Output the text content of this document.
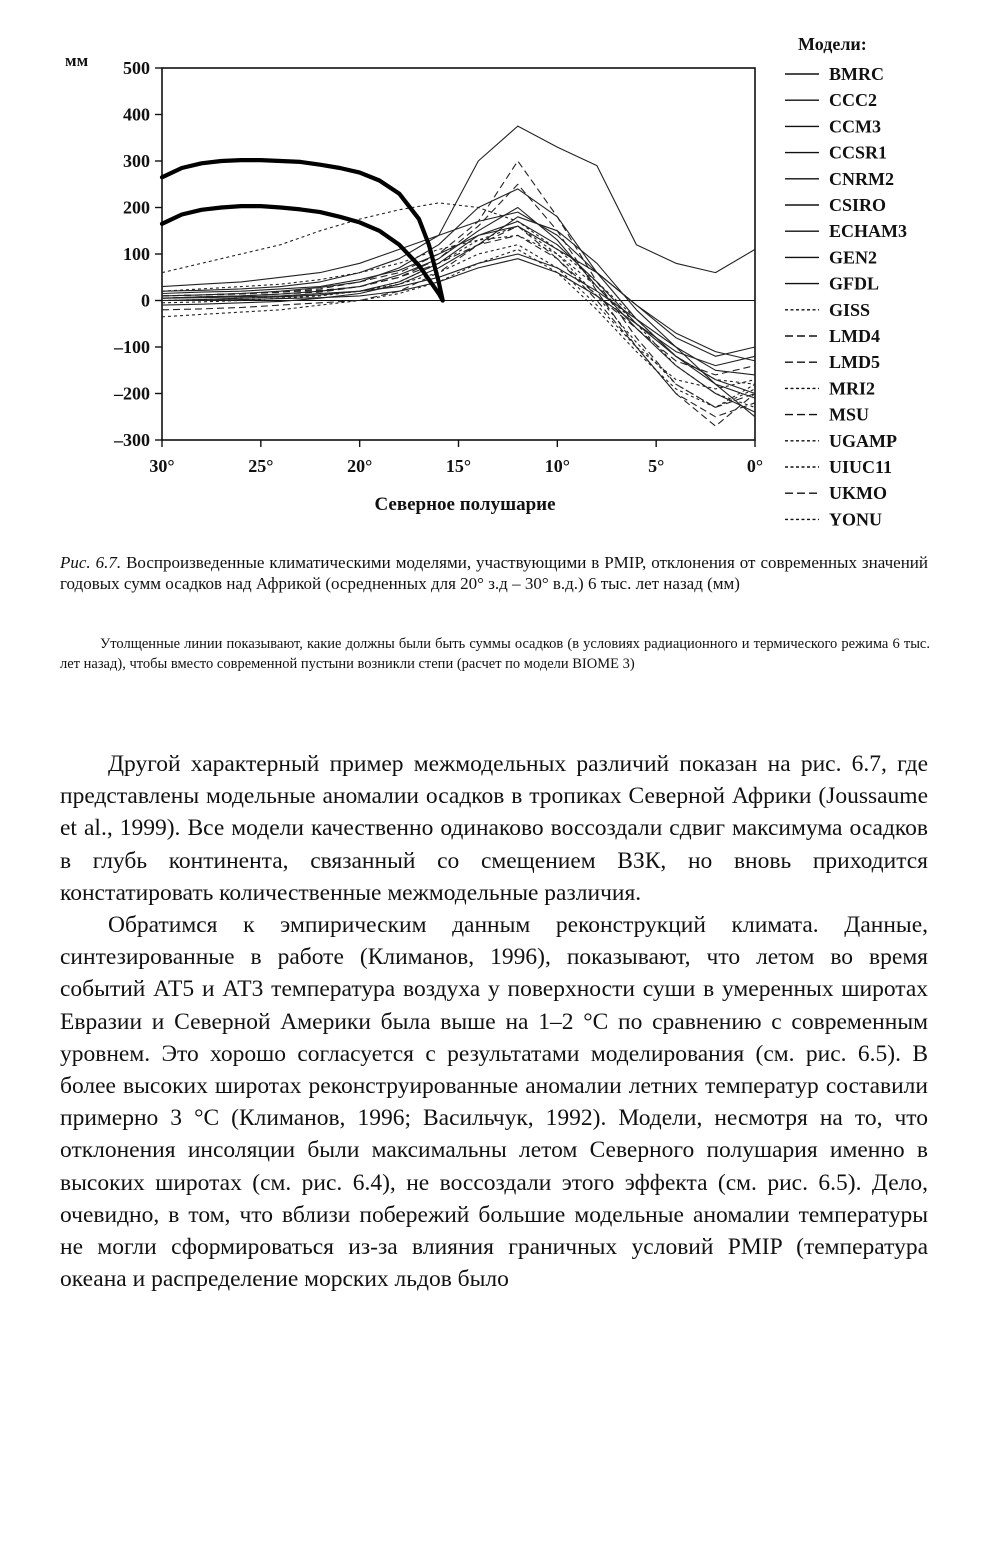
500
400
300
200
100
0
–100
–200
–300
30°	25°	20°	15°	10°	5°	0°
BMRC
CCC2
CCM3
CCSR1
CNRM2
CSIRO
ECHAM3
GEN2
GFDL
GISS
LMD4
LMD5
MRI2
MSU
UGAMP
UIUC11
UKMO
YONU
мм
Северное полушарие
Модели:
Рис. 6.7. Воспроизведенные климатическими моделями, участвующими в PMIP, отклонения от современных значений годовых сумм осадков над Африкой (осредненных для 20° з.д – 30° в.д.) 6 тыс. лет назад (мм)
Утолщенные линии показывают, какие должны были быть суммы осадков (в условиях радиационного и термического режима 6 тыс. лет назад), чтобы вместо современной пустыни возникли степи (расчет по модели BIOME 3)

Другой характерный пример межмодельных различий показан на рис. 6.7, где представлены модельные аномалии осадков в тропиках Северной Африки (Joussaume et al., 1999). Все модели качественно одинаково воссоздали сдвиг максимума осадков в глубь континента, связанный со смещением ВЗК, но вновь приходится констатировать количественные межмодельные различия.

Обратимся к эмпирическим данным реконструкций климата. Данные, синтезированные в работе (Климанов, 1996), показывают, что летом во время событий АТ5 и АТ3 температура воздуха у поверхности суши в умеренных широтах Евразии и Северной Америки была выше на 1–2 °С по сравнению с современным уровнем. Это хорошо согласуется с результатами моделирования (см. рис. 6.5). В более высоких широтах реконструированные аномалии летних температур составили примерно 3 °С (Климанов, 1996; Васильчук, 1992). Модели, несмотря на то, что отклонения инсоляции были максимальны летом Северного полушария именно в высоких широтах (см. рис. 6.4), не воссоздали этого эффекта (см. рис. 6.5). Дело, очевидно, в том, что вблизи побережий большие модельные аномалии температуры не могли сформироваться из-за влияния граничных условий PMIP (температура океана и распределение морских льдов было
